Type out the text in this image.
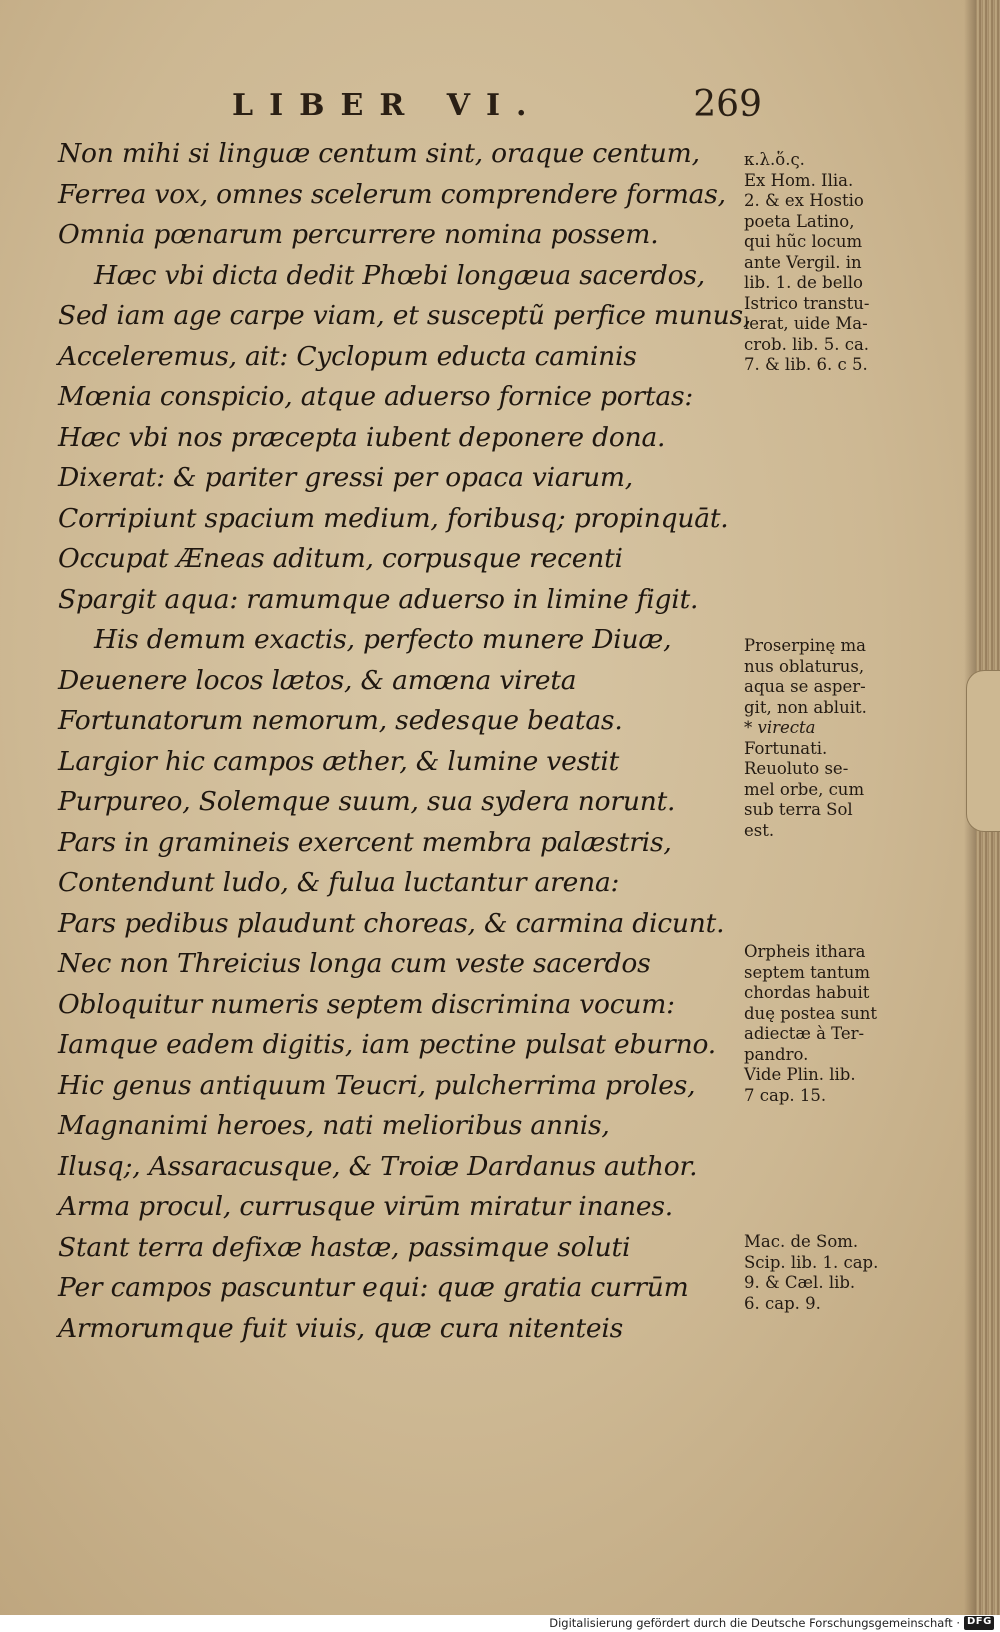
LIBER VI.	269
Non mihi si linguæ centum sint, oraque centum,
Ferrea vox, omnes scelerum comprendere formas,
Omnia pœnarum percurrere nomina possem.
Hæc vbi dicta dedit Phœbi longæua sacerdos,
Sed iam age carpe viam, et susceptũ perfice munus,
Acceleremus, ait: Cyclopum educta caminis
Mœnia conspicio, atque aduerso fornice portas:
Hæc vbi nos præcepta iubent deponere dona.
Dixerat: & pariter gressi per opaca viarum,
Corripiunt spacium medium, foribusq; propinquāt.
Occupat Æneas aditum, corpusque recenti
Spargit aqua: ramumque aduerso in limine figit.
His demum exactis, perfecto munere Diuæ,
Deuenere locos lætos, & amœna vireta
Fortunatorum nemorum, sedesque beatas.
Largior hic campos æther, & lumine vestit
Purpureo, Solemque suum, sua sydera norunt.
Pars in gramineis exercent membra palæstris,
Contendunt ludo, & fulua luctantur arena:
Pars pedibus plaudunt choreas, & carmina dicunt.
Nec non Threicius longa cum veste sacerdos
Obloquitur numeris septem discrimina vocum:
Iamque eadem digitis, iam pectine pulsat eburno.
Hic genus antiquum Teucri, pulcherrima proles,
Magnanimi heroes, nati melioribus annis,
Ilusq;, Assaracusque, & Troiæ Dardanus author.
Arma procul, currusque virūm miratur inanes.
Stant terra defixæ hastæ, passimque soluti
Per campos pascuntur equi: quæ gratia currūm
Armorumque fuit viuis, quæ cura nitenteis
κ.λ.ὅ.ς.
Ex Hom. Ilia.
2. & ex Hostio
poeta Latino,
qui hũc locum
ante Vergil. in
lib. 1. de bello
Istrico transtu-
lerat, uide Ma-
crob. lib. 5. ca.
7. & lib. 6. c 5.
Proserpinę ma
nus oblaturus,
aqua se asper-
git, non abluit.
* virecta
Fortunati.
Reuoluto se-
mel orbe, cum
sub terra Sol
est.
Orpheis ithara
septem tantum
chordas habuit
duę postea sunt
adiectæ à Ter-
pandro.
Vide Plin. lib.
7 cap. 15.
Mac. de Som.
Scip. lib. 1. cap.
9. & Cæl. lib.
6. cap. 9.
Digitalisierung gefördert durch die Deutsche Forschungsgemeinschaft · DFG
